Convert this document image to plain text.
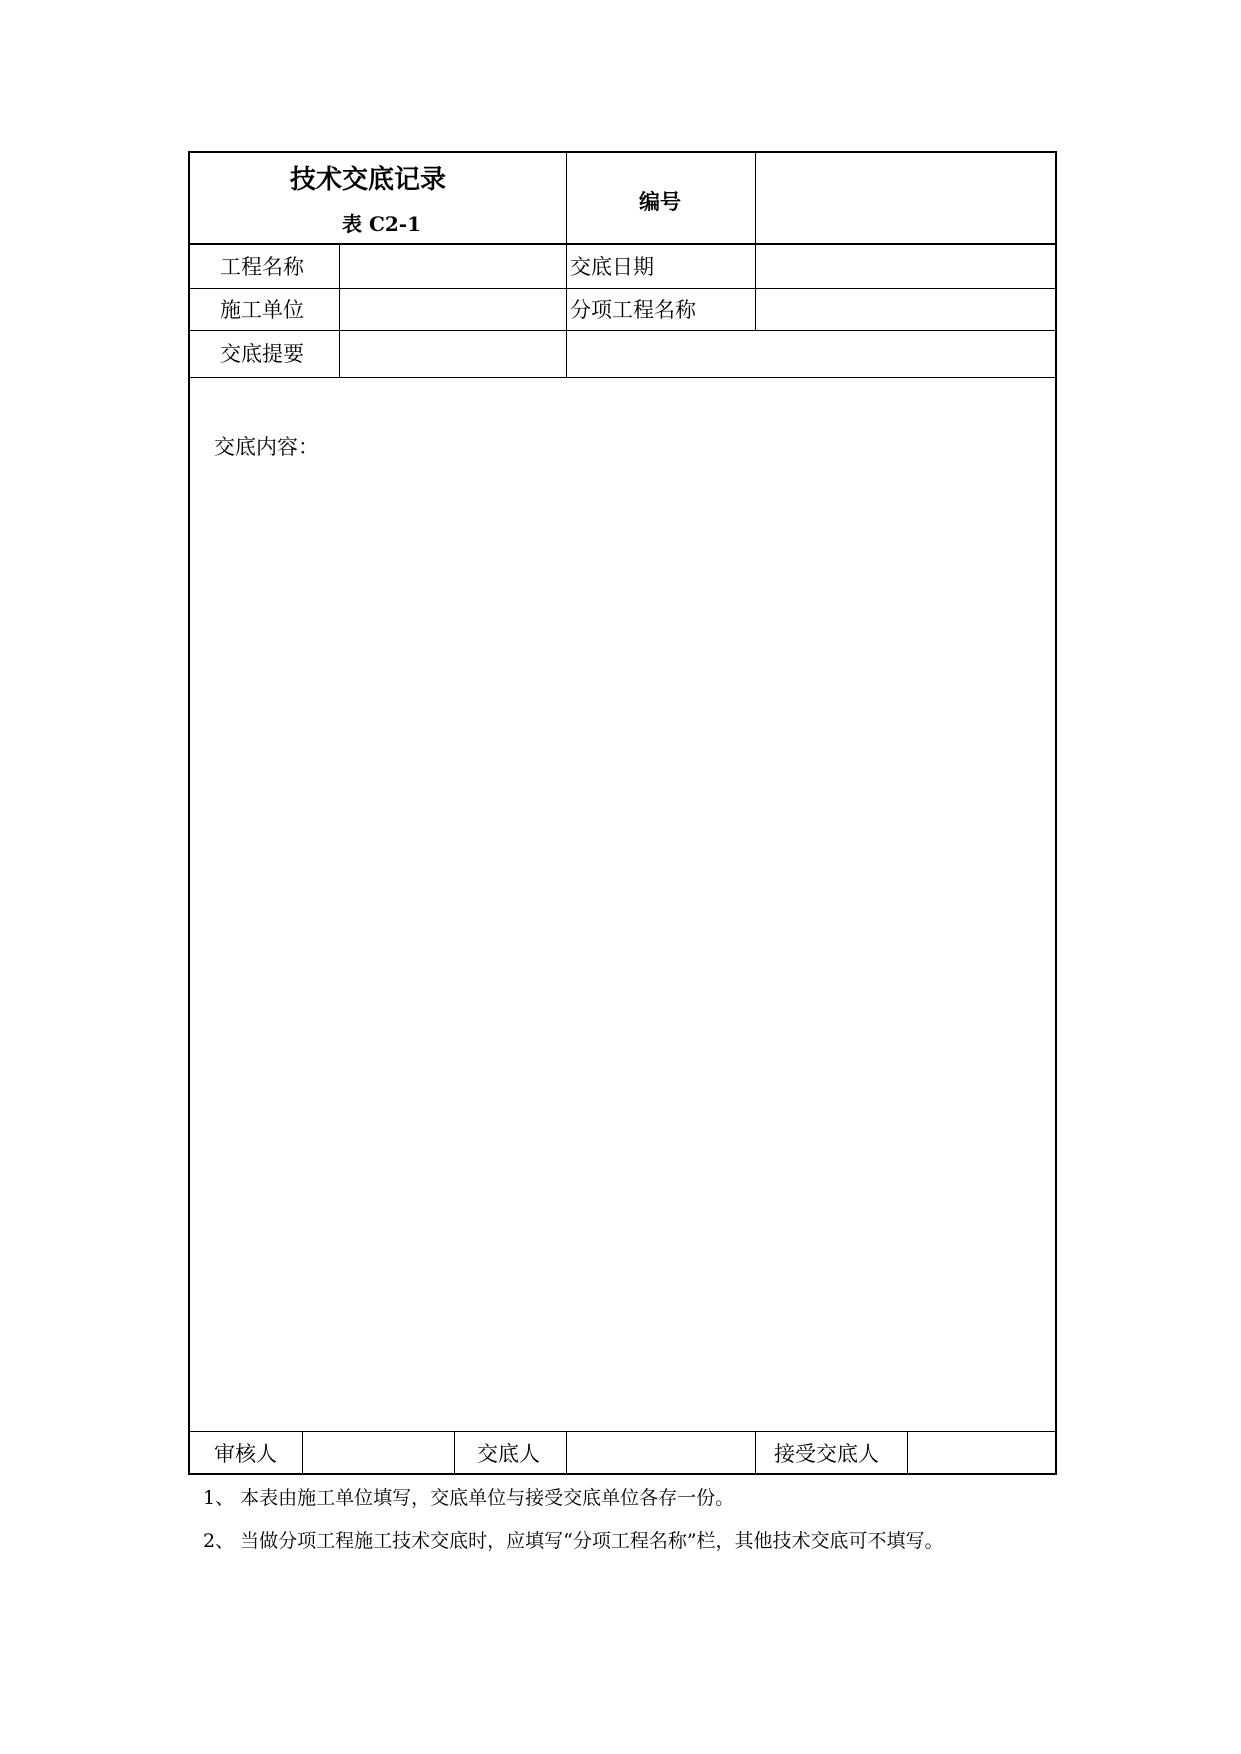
技术交底记录
表 C2-1
编号
工程名称	交底日期
施工单位	分项工程名称
交底提要
交底内容：
审核人	交底人	接受交底人
1、 本表由施工单位填写，交底单位与接受交底单位各存一份。
2、 当做分项工程施工技术交底时，应填写“分项工程名称”栏，其他技术交底可不填写。
